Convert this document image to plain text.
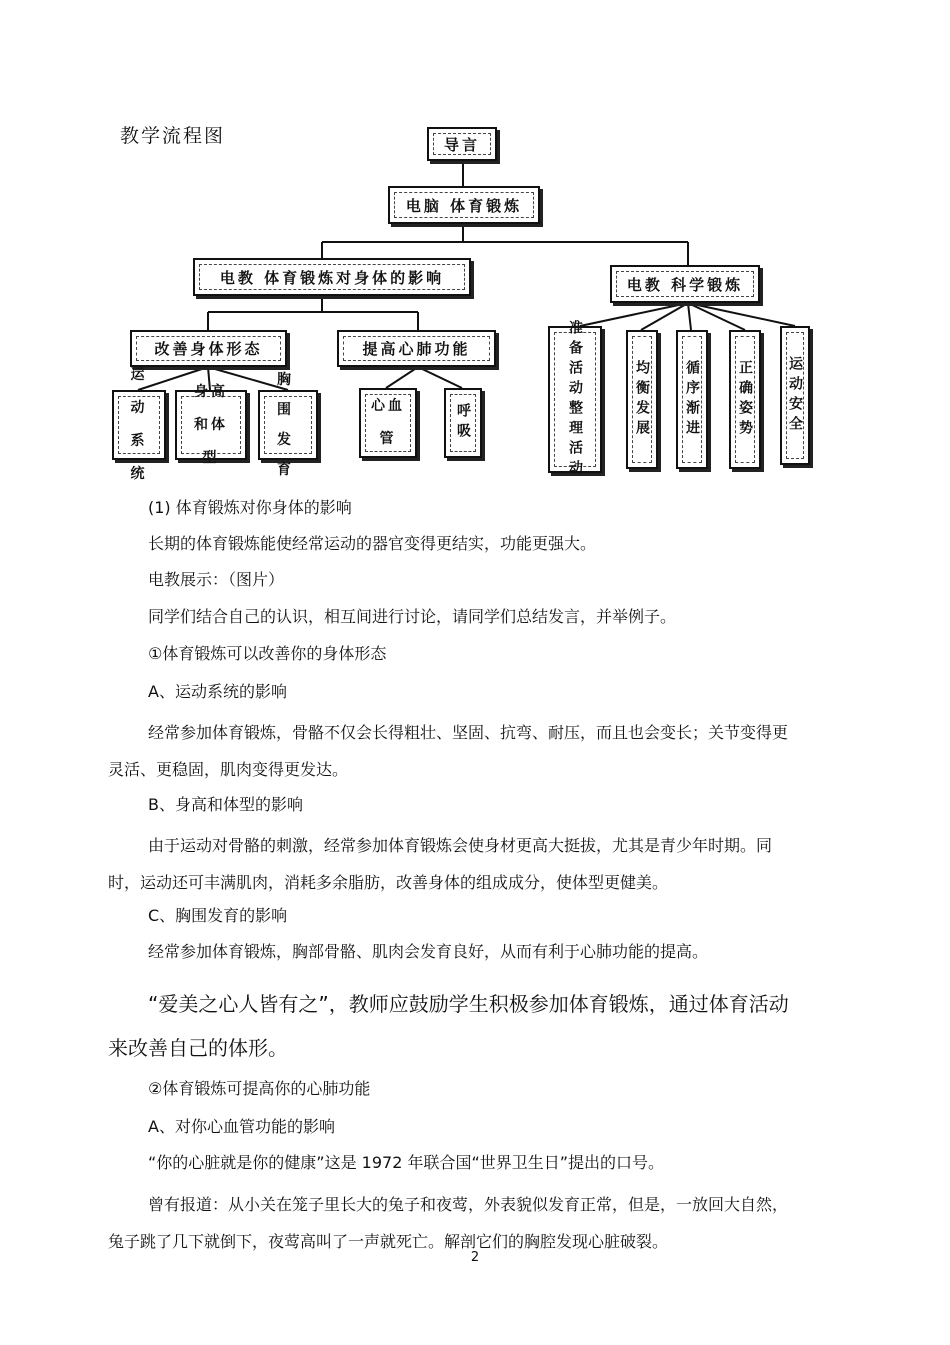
教学流程图	导言
电脑 体育锻炼
电教 体育锻炼对身体的影响	电教 科学锻炼
改善身体形态	提高心肺功能
运动系统
身高和体型
胸围发育
心血管	呼吸	准备活动整理活动	均衡发展 循序渐进	正确姿势 运动安全

(1) 体育锻炼对你身体的影响

长期的体育锻炼能使经常运动的器官变得更结实，功能更强大。

电教展示：（图片）

同学们结合自己的认识，相互间进行讨论，请同学们总结发言，并举例子。

①体育锻炼可以改善你的身体形态

A、运动系统的影响

经常参加体育锻炼，骨骼不仅会长得粗壮、坚固、抗弯、耐压，而且也会变长；关节变得更灵活、更稳固，肌肉变得更发达。

B、身高和体型的影响

由于运动对骨骼的刺激，经常参加体育锻炼会使身材更高大挺拔，尤其是青少年时期。同时，运动还可丰满肌肉，消耗多余脂肪，改善身体的组成成分，使体型更健美。

C、胸围发育的影响

经常参加体育锻炼，胸部骨骼、肌肉会发育良好，从而有利于心肺功能的提高。

“爱美之心人皆有之”，教师应鼓励学生积极参加体育锻炼，通过体育活动来改善自己的体形。

②体育锻炼可提高你的心肺功能

A、对你心血管功能的影响

“你的心脏就是你的健康”这是 1972 年联合国“世界卫生日”提出的口号。

曾有报道：从小关在笼子里长大的兔子和夜莺，外表貌似发育正常，但是，一放回大自然，兔子跳了几下就倒下，夜莺高叫了一声就死亡。解剖它们的胸腔发现心脏破裂。

2
